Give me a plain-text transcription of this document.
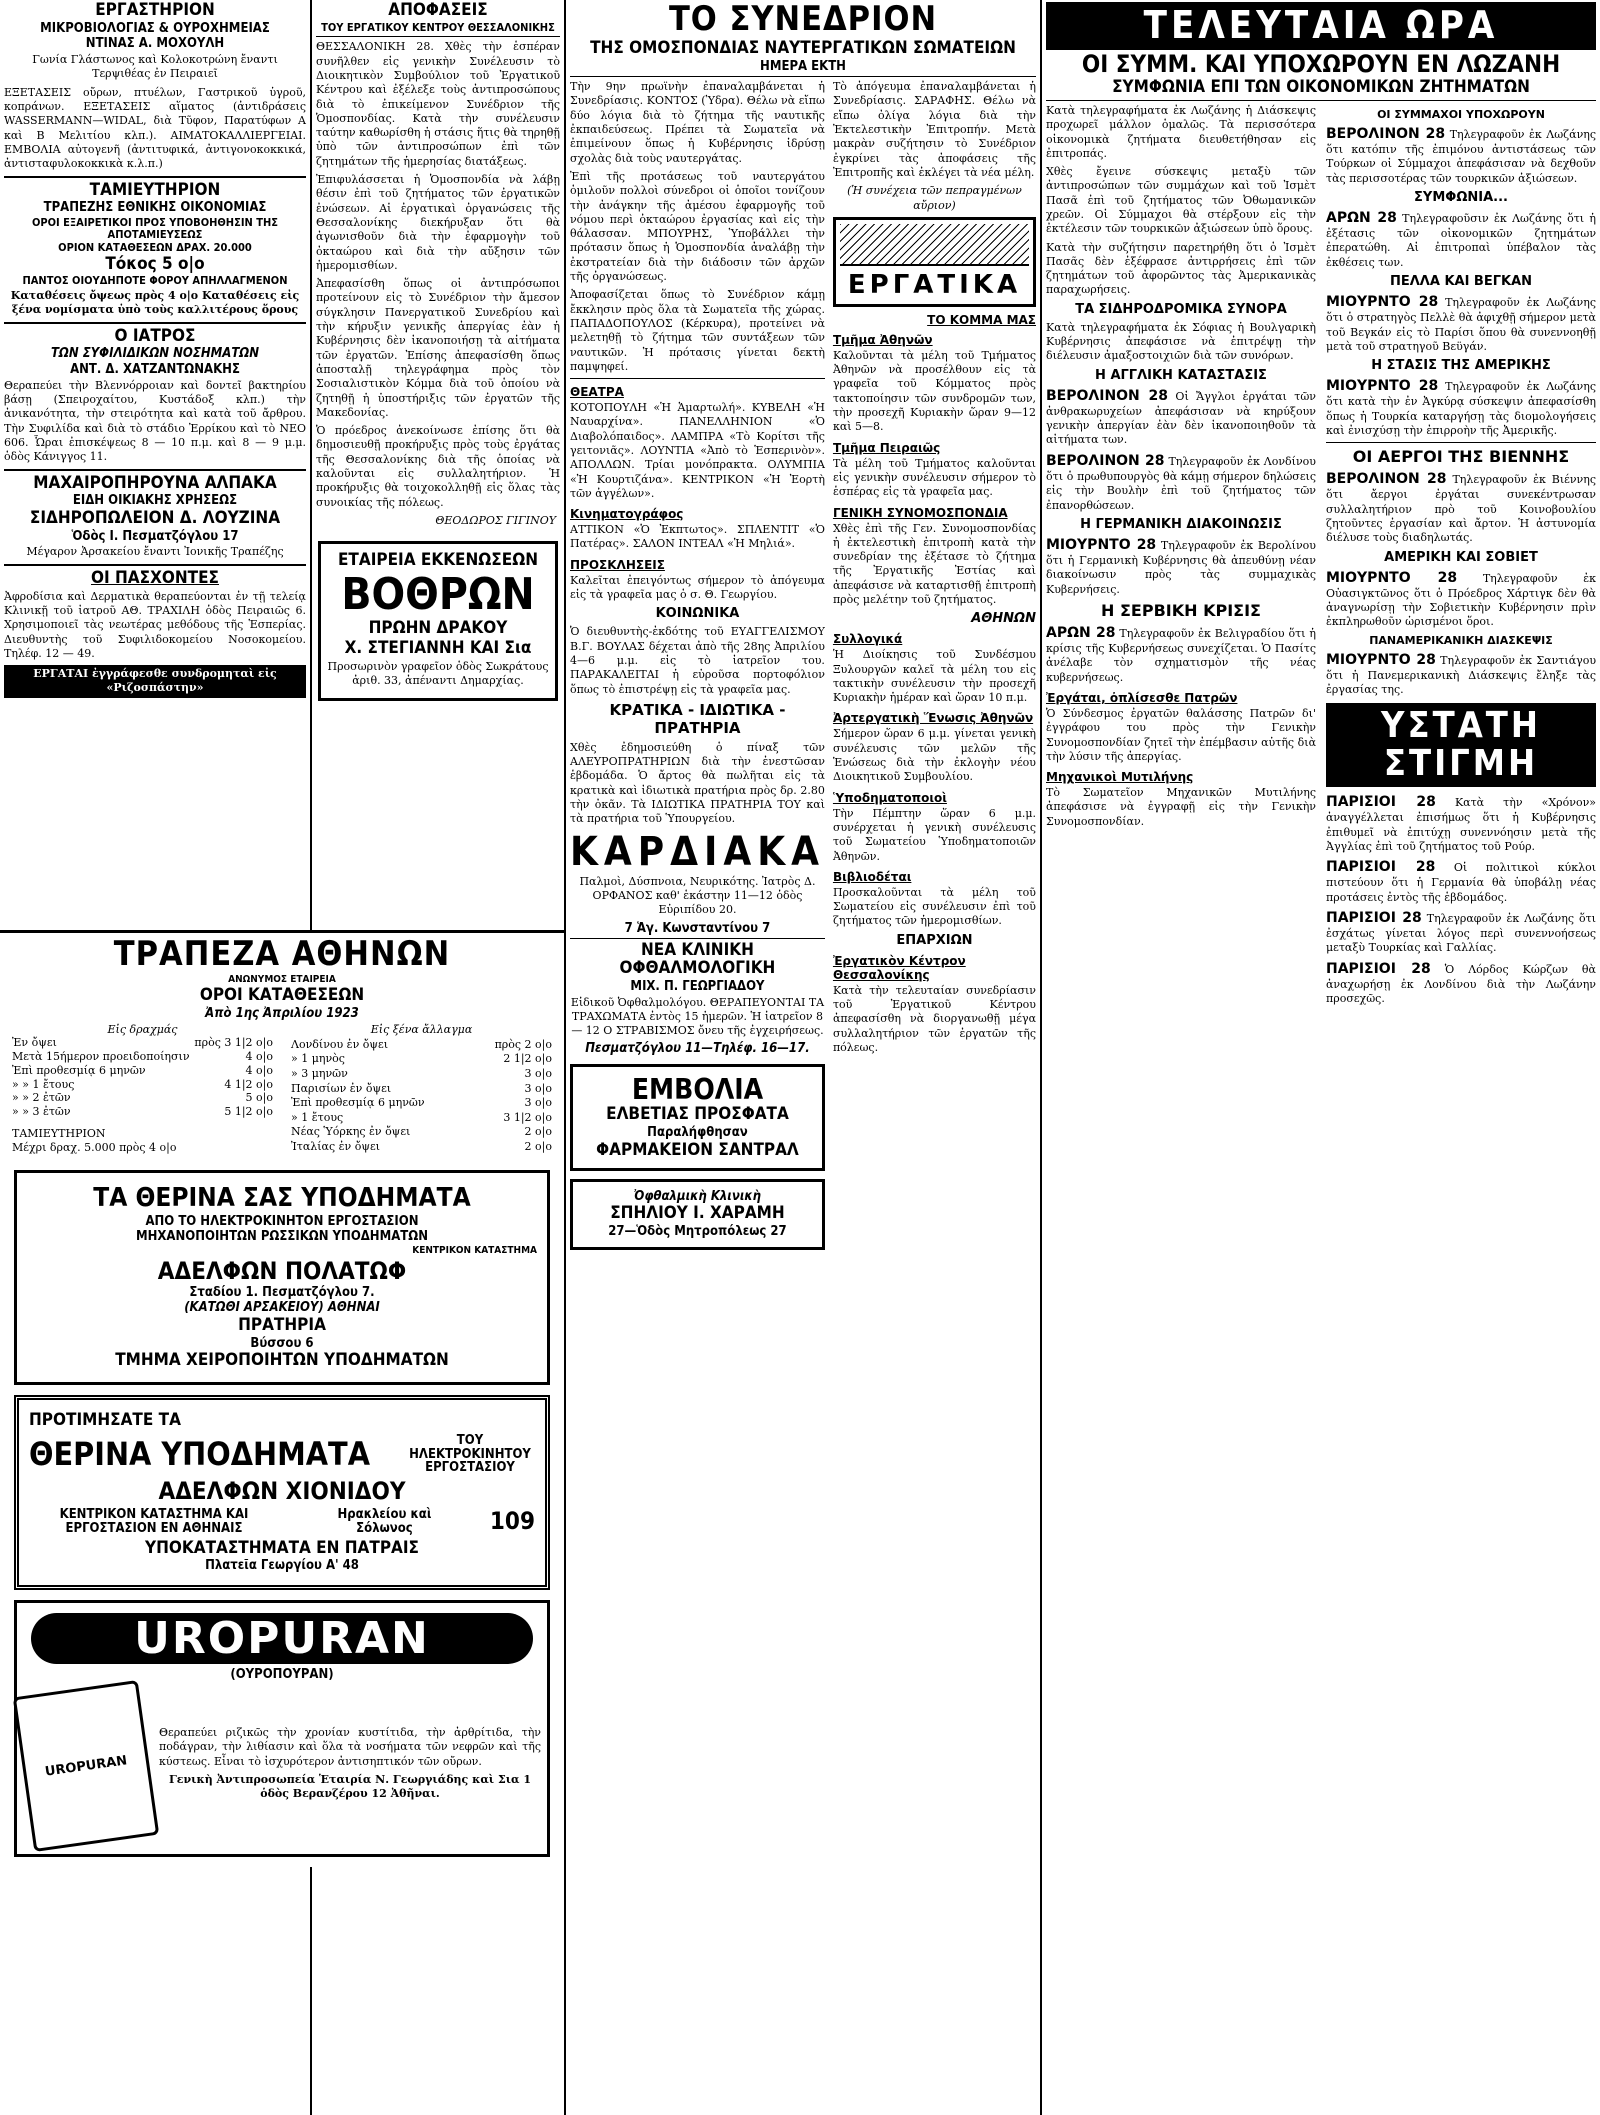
ΕΡΓΑΣΤΗΡΙΟΝ
ΜΙΚΡΟΒΙΟΛΟΓΙΑΣ & ΟΥΡΟΧΗΜΕΙΑΣ
ΝΤΙΝΑΣ Α. ΜΟΧΟΥΛΗ
Γωνία Γλάστωνος καὶ Κολοκοτρώνη ἔναντι Τερψιθέας ἐν Πειραιεῖ
ΕΞΕΤΑΣΕΙΣ οὔρων, πτυέλων, Γαστρικοῦ ὑγροῦ, κοπράνων. ΕΞΕΤΑΣΕΙΣ αἵματος (ἀντιδράσεις WASSERMANN—WIDAL, διὰ Τῦφον, Παρατύφων Α καὶ Β Μελιτίου κλπ.). ΑΙΜΑΤΟΚΑΛΛΙΕΡΓΕΙΑΙ. ΕΜΒΟΛΙΑ αὐτογενῆ (ἀντιτυφικά, ἀντιγονοκοκκικά, ἀντισταφυλοκοκκικὰ κ.λ.π.)
ΤΑΜΙΕΥΤΗΡΙΟΝ
ΤΡΑΠΕΖΗΣ ΕΘΝΙΚΗΣ ΟΙΚΟΝΟΜΙΑΣ
ΟΡΟΙ ΕΞΑΙΡΕΤΙΚΟΙ ΠΡΟΣ ΥΠΟΒΟΗΘΗΣΙΝ ΤΗΣ ΑΠΟΤΑΜΙΕΥΣΕΩΣ
ΟΡΙΟΝ ΚΑΤΑΘΕΣΕΩΝ ΔΡΑΧ. 20.000
Τόκος 5 ο|ο
ΠΑΝΤΟΣ ΟΙΟΥΔΗΠΟΤΕ ΦΟΡΟΥ ΑΠΗΛΛΑΓΜΕΝΟΝ
Καταθέσεις ὄψεως πρὸς 4 ο|ο Καταθέσεις εἰς ξένα νομίσματα ὑπὸ τοὺς καλλιτέρους ὅρους
Ο ΙΑΤΡΟΣ
ΤΩΝ ΣΥΦΙΛΙΔΙΚΩΝ ΝΟΣΗΜΑΤΩΝ
ΑΝΤ. Δ. ΧΑΤΖΑΝΤΩΝΑΚΗΣ
Θεραπεύει τὴν Βλεννόρροιαν καὶ δοντεῖ βακτηρίου βάσῃ (Σπειροχαίτου, Κυστάδοξ κλπ.) τὴν ἀνικανότητα, τὴν στειρότητα καὶ κατὰ τοῦ ἄρθρου. Τὴν Συφιλίδα καὶ διὰ τὸ στάδιο Ἐρρίκου καὶ τὸ ΝΕΟ 606. Ὧραι ἐπισκέψεως 8 — 10 π.μ. καὶ 8 — 9 μ.μ. ὁδὸς Κάνιγγος 11.
ΜΑΧΑΙΡΟΠΗΡΟΥΝΑ ΑΛΠΑΚΑ
ΕΙΔΗ ΟΙΚΙΑΚΗΣ ΧΡΗΣΕΩΣ
ΣΙΔΗΡΟΠΩΛΕΙΟΝ Δ. ΛΟΥΖΙΝΑ
Ὁδὸς Ι. Πεσματζόγλου 17
Μέγαρον Ἀρσακείου ἔναντι Ἰονικῆς Τραπέζης
ΟΙ ΠΑΣΧΟΝΤΕΣ
Ἀφροδίσια καὶ Δερματικὰ θεραπεύονται ἐν τῇ τελείᾳ Κλινικῇ τοῦ ἰατροῦ ΑΘ. ΤΡΑΧΙΛΗ ὁδὸς Πειραιῶς 6. Χρησιμοποιεῖ τὰς νεωτέρας μεθόδους τῆς Ἑσπερίας. Διευθυντὴς τοῦ Συφιλιδοκομείου Νοσοκομείου. Τηλέφ. 12 — 49.
ΕΡΓΑΤΑΙ ἐγγράφεσθε συνδρομηταὶ εἰς «Ριζοσπάστην»
ΑΠΟΦΑΣΕΙΣ
ΤΟΥ ΕΡΓΑΤΙΚΟΥ ΚΕΝΤΡΟΥ ΘΕΣΣΑΛΟΝΙΚΗΣ

ΘΕΣΣΑΛΟΝΙΚΗ 28. Χθὲς τὴν ἑσπέραν συνῆλθεν εἰς γενικὴν Συνέλευσιν τὸ Διοικητικὸν Συμβούλιον τοῦ Ἐργατικοῦ Κέντρου καὶ ἐξέλεξε τοὺς ἀντιπροσώπους διὰ τὸ ἐπικείμενον Συνέδριον τῆς Ὁμοσπονδίας. Κατὰ τὴν συνέλευσιν ταύτην καθωρίσθη ἡ στάσις ἥτις θὰ τηρηθῇ ὑπὸ τῶν ἀντιπροσώπων ἐπὶ τῶν ζητημάτων τῆς ἡμερησίας διατάξεως.

Ἐπιφυλάσσεται ἡ Ὁμοσπονδία νὰ λάβῃ θέσιν ἐπὶ τοῦ ζητήματος τῶν ἐργατικῶν ἐνώσεων. Αἱ ἐργατικαὶ ὀργανώσεις τῆς Θεσσαλονίκης διεκήρυξαν ὅτι θὰ ἀγωνισθοῦν διὰ τὴν ἐφαρμογὴν τοῦ ὀκταώρου καὶ διὰ τὴν αὔξησιν τῶν ἡμερομισθίων.

Ἀπεφασίσθη ὅπως οἱ ἀντιπρόσωποι προτείνουν εἰς τὸ Συνέδριον τὴν ἄμεσον σύγκλησιν Πανεργατικοῦ Συνεδρίου καὶ τὴν κήρυξιν γενικῆς ἀπεργίας ἐὰν ἡ Κυβέρνησις δὲν ἱκανοποιήσῃ τὰ αἰτήματα τῶν ἐργατῶν. Ἐπίσης ἀπεφασίσθη ὅπως ἀποσταλῇ τηλεγράφημα πρὸς τὸν Σοσιαλιστικὸν Κόμμα διὰ τοῦ ὁποίου νὰ ζητηθῇ ἡ ὑποστήριξις τῶν ἐργατῶν τῆς Μακεδονίας.

Ὁ πρόεδρος ἀνεκοίνωσε ἐπίσης ὅτι θὰ δημοσιευθῇ προκήρυξις πρὸς τοὺς ἐργάτας τῆς Θεσσαλονίκης διὰ τῆς ὁποίας νὰ καλοῦνται εἰς συλλαλητήριον. Ἡ προκήρυξις θὰ τοιχοκολληθῇ εἰς ὅλας τὰς συνοικίας τῆς πόλεως.

ΘΕΟΔΩΡΟΣ ΓΙΓΙΝΟΥ
ΕΤΑΙΡΕΙΑ ΕΚΚΕΝΩΣΕΩΝ
ΒΟΘΡΩΝ
ΠΡΩΗΝ ΔΡΑΚΟΥ
Χ. ΣΤΕΓΙΑΝΝΗ ΚΑΙ Σια
Προσωρινὸν γραφεῖον ὁδὸς Σωκράτους ἀριθ. 33, ἀπέναντι Δημαρχίας.
ΤΡΑΠΕΖΑ ΑΘΗΝΩΝ
ΑΝΩΝΥΜΟΣ ΕΤΑΙΡΕΙΑ
ΟΡΟΙ ΚΑΤΑΘΕΣΕΩΝ
Ἀπὸ 1ης Ἀπριλίου 1923
Εἰς δραχμάς	
Ἐν ὄψει	πρὸς 3 1|2 ο|ο
Μετὰ 15ήμερον προειδοποίησιν	4 ο|ο
Ἐπὶ προθεσμίᾳ 6 μηνῶν	4 ο|ο
» » 1 ἔτους	4 1|2 ο|ο
» » 2 ἐτῶν	5 ο|ο
» » 3 ἐτῶν	5 1|2 ο|ο
ΤΑΜΙΕΥΤΗΡΙΟΝ	
Μέχρι δραχ. 5.000 πρὸς 4 ο|ο	
Εἰς ξένα ἄλλαγμα	
Λονδίνου ἐν ὄψει	πρὸς 2 ο|ο
» 1 μηνὸς	2 1|2 ο|ο
» 3 μηνῶν	3 ο|ο
Παρισίων ἐν ὄψει	3 ο|ο
Ἐπὶ προθεσμίᾳ 6 μηνῶν	3 ο|ο
» 1 ἔτους	3 1|2 ο|ο
Νέας Ὑόρκης ἐν ὄψει	2 ο|ο
Ἰταλίας ἐν ὄψει	2 ο|ο
ΤΑ ΘΕΡΙΝΑ ΣΑΣ ΥΠΟΔΗΜΑΤΑ
ΑΠΟ ΤΟ ΗΛΕΚΤΡΟΚΙΝΗΤΟΝ ΕΡΓΟΣΤΑΣΙΟΝ
ΜΗΧΑΝΟΠΟΙΗΤΩΝ ΡΩΣΣΙΚΩΝ ΥΠΟΔΗΜΑΤΩΝ
ΚΕΝΤΡΙΚΟΝ ΚΑΤΑΣΤΗΜΑ
ΑΔΕΛΦΩΝ ΠΟΛΑΤΩΦ
Σταδίου 1. Πεσματζόγλου 7.
(ΚΑΤΩΘΙ ΑΡΣΑΚΕΙΟΥ) ΑΘΗΝΑΙ
ΠΡΑΤΗΡΙΑ
Βύσσου 6
ΤΜΗΜΑ ΧΕΙΡΟΠΟΙΗΤΩΝ ΥΠΟΔΗΜΑΤΩΝ
ΠΡΟΤΙΜΗΣΑΤΕ ΤΑ
ΘΕΡΙΝΑ ΥΠΟΔΗΜΑΤΑ	ΤΟΥ ΗΛΕΚΤΡΟΚΙΝΗΤΟΥ ΕΡΓΟΣΤΑΣΙΟΥ
ΑΔΕΛΦΩΝ ΧΙΟΝΙΔΟΥ
ΚΕΝΤΡΙΚΟΝ ΚΑΤΑΣΤΗΜΑ ΚΑΙ ΕΡΓΟΣΤΑΣΙΟΝ ΕΝ ΑΘΗΝΑΙΣ
Ηρακλείου καὶ Σόλωνος	109
ΥΠΟΚΑΤΑΣΤΗΜΑΤΑ ΕΝ ΠΑΤΡΑΙΣ
Πλατεῖα Γεωργίου Α' 48
UROPURAN
(ΟΥΡΟΠΟΥΡΑΝ)
UROPURAN
Θεραπεύει ριζικῶς τὴν χρονίαν κυστίτιδα, τὴν ἀρθρίτιδα, τὴν ποδάγραν, τὴν λιθίασιν καὶ ὅλα τὰ νοσήματα τῶν νεφρῶν καὶ τῆς κύστεως. Εἶναι τὸ ἰσχυρότερον ἀντισηπτικόν τῶν οὔρων.
Γενικὴ Ἀντιπροσωπεία Ἑταιρία Ν. Γεωργιάδης καὶ Σια 1 ὁδὸς Βερανζέρου 12 Ἀθῆναι.
ΤΟ ΣΥΝΕΔΡΙΟΝ
ΤΗΣ ΟΜΟΣΠΟΝΔΙΑΣ ΝΑΥΤΕΡΓΑΤΙΚΩΝ ΣΩΜΑΤΕΙΩΝ
ΗΜΕΡΑ ΕΚΤΗ

Τὴν 9ην πρωϊνὴν ἐπαναλαμβάνεται ἡ Συνεδρίασις. ΚΟΝΤΟΣ (Ὑδρα). Θέλω νὰ εἴπω δύο λόγια διὰ τὸ ζήτημα τῆς ναυτικῆς ἐκπαιδεύσεως. Πρέπει τὰ Σωματεῖα νὰ ἐπιμείνουν ὅπως ἡ Κυβέρνησις ἱδρύσῃ σχολὰς διὰ τοὺς ναυτεργάτας.

Ἐπὶ τῆς προτάσεως τοῦ ναυτεργάτου ὁμιλοῦν πολλοὶ σύνεδροι οἱ ὁποῖοι τονίζουν τὴν ἀνάγκην τῆς ἀμέσου ἐφαρμογῆς τοῦ νόμου περὶ ὀκταώρου ἐργασίας καὶ εἰς τὴν θάλασσαν. ΜΠΟΥΡΗΣ, Ὑποβάλλει τὴν πρότασιν ὅπως ἡ Ὁμοσπονδία ἀναλάβῃ τὴν ἐκστρατείαν διὰ τὴν διάδοσιν τῶν ἀρχῶν τῆς ὀργανώσεως.

Ἀποφασίζεται ὅπως τὸ Συνέδριον κάμῃ ἔκκλησιν πρὸς ὅλα τὰ Σωματεῖα τῆς χώρας. ΠΑΠΑΔΟΠΟΥΛΟΣ (Κέρκυρα), προτείνει νὰ μελετηθῇ τὸ ζήτημα τῶν συντάξεων τῶν ναυτικῶν. Ἡ πρότασις γίνεται δεκτὴ παμψηφεί.

ΘΕΑΤΡΑ

ΚΟΤΟΠΟΥΛΗ «Ἡ Ἁμαρτωλή». ΚΥΒΕΛΗ «Ἡ Ναυαρχίνα». ΠΑΝΕΛΛΗΝΙΟΝ «Ὁ Διαβολόπαιδος». ΛΑΜΠΡΑ «Τὸ Κορίτσι τῆς γειτονιᾶς». ΛΟΥΝΤΙΑ «Ἀπὸ τὸ Ἑσπερινὸν». ΑΠΟΛΛΩΝ. Τρίαι μονόπρακτα. ΟΛΥΜΠΙΑ «Ἡ Κουρτιζάνα». ΚΕΝΤΡΙΚΟΝ «Ἡ Ἐορτὴ τῶν ἀγγέλων».

Κινηματογράφος

ΑΤΤΙΚΟΝ «Ὁ Ἐκπτωτος». ΣΠΛΕΝΤΙΤ «Ὁ Πατέρας». ΣΑΛΟΝ ΙΝΤΕΑΛ «Ἡ Μηλιά».

ΠΡΟΣΚΛΗΣΕΙΣ

Καλεῖται ἐπειγόντως σήμερον τὸ ἀπόγευμα εἰς τὰ γραφεῖα μας ὁ σ. Θ. Γεωργίου.

ΚΟΙΝΩΝΙΚΑ

Ὁ διευθυντὴς-ἐκδότης τοῦ ΕΥΑΓΓΕΛΙΣΜΟΥ Β.Γ. ΒΟΥΛΑΣ δέχεται ἀπὸ τῆς 28ης Ἀπριλίου 4—6 μ.μ. εἰς τὸ ἰατρεῖον του. ΠΑΡΑΚΑΛΕΙΤΑΙ ἡ εὑροῦσα πορτοφόλιον ὅπως τὸ ἐπιστρέψῃ εἰς τὰ γραφεῖα μας.

ΚΡΑΤΙΚΑ - ΙΔΙΩΤΙΚΑ - ΠΡΑΤΗΡΙΑ

Χθὲς ἐδημοσιεύθη ὁ πίναξ τῶν ΑΛΕΥΡΟΠΡΑΤΗΡΙΩΝ διὰ τὴν ἐνεστῶσαν ἑβδομάδα. Ὁ ἄρτος θὰ πωλῆται εἰς τὰ κρατικὰ καὶ ἰδιωτικὰ πρατήρια πρὸς δρ. 2.80 τὴν ὀκᾶν. Τὰ ΙΔΙΩΤΙΚΑ ΠΡΑΤΗΡΙΑ ΤΟΥ καὶ τὰ πρατήρια τοῦ Ὑπουργείου.

ΚΑΡΔΙΑΚΑ

Παλμοὶ, Δύσπνοια, Νευρικότης. Ἰατρὸς Δ. ΟΡΦΑΝΟΣ καθ' ἑκάστην 11—12 ὁδὸς Εὐριπίδου 20.

7 Ἁγ. Κωνσταντίνου 7
ΝΕΑ ΚΛΙΝΙΚΗ ΟΦΘΑΛΜΟΛΟΓΙΚΗ
ΜΙΧ. Π. ΓΕΩΡΓΙΑΔΟΥ

Εἰδικοῦ Ὀφθαλμολόγου. ΘΕΡΑΠΕΥΟΝΤΑΙ ΤΑ ΤΡΑΧΩΜΑΤΑ ἐντὸς 15 ἡμερῶν. Ἡ ἰατρεῖον 8 — 12 Ο ΣΤΡΑΒΙΣΜΟΣ ὄνευ τῆς ἐγχειρήσεως.

Πεσματζόγλου 11—Τηλέφ. 16—17.
ΕΜΒΟΛΙΑ
ΕΛΒΕΤΙΑΣ ΠΡΟΣΦΑΤΑ
Παραλήφθησαν
ΦΑΡΜΑΚΕΙΟΝ ΣΑΝΤΡΑΛ
Ὀφθαλμικὴ Κλινικὴ
ΣΠΗΛΙΟΥ Ι. ΧΑΡΑΜΗ
27—Ὁδὸς Μητροπόλεως 27

Τὸ ἀπόγευμα ἐπαναλαμβάνεται ἡ Συνεδρίασις. ΣΑΡΑΦΗΣ. Θέλω νὰ εἴπω ὀλίγα λόγια διὰ τὴν Ἐκτελεστικὴν Ἐπιτροπήν. Μετὰ μακρὰν συζήτησιν τὸ Συνέδριον ἐγκρίνει τὰς ἀποφάσεις τῆς Ἐπιτροπῆς καὶ ἐκλέγει τὰ νέα μέλη.

(Ἡ συνέχεια τῶν πεπραγμένων αὔριον)

ΕΡΓΑΤΙΚΑ
ΤΟ ΚΟΜΜΑ ΜΑΣ
Τμῆμα Ἀθηνῶν

Καλοῦνται τὰ μέλη τοῦ Τμήματος Ἀθηνῶν νὰ προσέλθουν εἰς τὰ γραφεῖα τοῦ Κόμματος πρὸς τακτοποίησιν τῶν συνδρομῶν των, τὴν προσεχῆ Κυριακὴν ὥραν 9—12 καὶ 5—8.

Τμῆμα Πειραιῶς

Τὰ μέλη τοῦ Τμήματος καλοῦνται εἰς γενικὴν συνέλευσιν σήμερον τὸ ἑσπέρας εἰς τὰ γραφεῖα μας.

ΓΕΝΙΚΗ ΣΥΝΟΜΟΣΠΟΝΔΙΑ

Χθὲς ἐπὶ τῆς Γεν. Συνομοσπονδίας ἡ ἐκτελεστικὴ ἐπιτροπὴ κατὰ τὴν συνεδρίαν της ἐξέτασε τὸ ζήτημα τῆς Ἐργατικῆς Ἐστίας καὶ ἀπεφάσισε νὰ καταρτισθῇ ἐπιτροπὴ πρὸς μελέτην τοῦ ζητήματος.

ΑΘΗΝΩΝ
Συλλογικά

Ἡ Διοίκησις τοῦ Συνδέσμου Ξυλουργῶν καλεῖ τὰ μέλη του εἰς τακτικὴν συνέλευσιν τὴν προσεχῆ Κυριακὴν ἡμέραν καὶ ὥραν 10 π.μ.

Ἀρτεργατικὴ Ἕνωσις Ἀθηνῶν

Σήμερον ὥραν 6 μ.μ. γίνεται γενικὴ συνέλευσις τῶν μελῶν τῆς Ἑνώσεως διὰ τὴν ἐκλογὴν νέου Διοικητικοῦ Συμβουλίου.

Ὑποδηματοποιοὶ

Τὴν Πέμπτην ὥραν 6 μ.μ. συνέρχεται ἡ γενικὴ συνέλευσις τοῦ Σωματείου Ὑποδηματοποιῶν Ἀθηνῶν.

Βιβλιοδέται

Προσκαλοῦνται τὰ μέλη τοῦ Σωματείου εἰς συνέλευσιν ἐπὶ τοῦ ζητήματος τῶν ἡμερομισθίων.

ΕΠΑΡΧΙΩΝ
Ἐργατικὸν Κέντρον Θεσσαλονίκης

Κατὰ τὴν τελευταίαν συνεδρίασιν τοῦ Ἐργατικοῦ Κέντρου ἀπεφασίσθη νὰ διοργανωθῇ μέγα συλλαλητήριον τῶν ἐργατῶν τῆς πόλεως.

ΤΕΛΕΥΤΑΙΑ ΩΡΑ
ΟΙ ΣΥΜΜ. ΚΑΙ ΥΠΟΧΩΡΟΥΝ ΕΝ ΛΩΖΑΝΗ
ΣΥΜΦΩΝΙΑ ΕΠΙ ΤΩΝ ΟΙΚΟΝΟΜΙΚΩΝ ΖΗΤΗΜΑΤΩΝ

Κατὰ τηλεγραφήματα ἐκ Λωζάνης ἡ Διάσκεψις προχωρεῖ μάλλον ὁμαλῶς. Τὰ περισσότερα οἰκονομικὰ ζητήματα διευθετήθησαν εἰς ἐπιτροπάς.

Χθὲς ἔγεινε σύσκεψις μεταξὺ τῶν ἀντιπροσώπων τῶν συμμάχων καὶ τοῦ Ἰσμὲτ Πασᾶ ἐπὶ τοῦ ζητήματος τῶν Ὀθωμανικῶν χρεῶν. Οἱ Σύμμαχοι θὰ στέρξουν εἰς τὴν ἐκτέλεσιν τῶν τουρκικῶν ἀξιώσεων ὑπὸ ὅρους.

Κατὰ τὴν συζήτησιν παρετηρήθη ὅτι ὁ Ἰσμὲτ Πασᾶς δὲν ἐξέφρασε ἀντιρρήσεις ἐπὶ τῶν ζητημάτων τοῦ ἀφορῶντος τὰς Ἀμερικανικὰς παραχωρήσεις.

ΤΑ ΣΙΔΗΡΟΔΡΟΜΙΚΑ ΣΥΝΟΡΑ

Κατὰ τηλεγραφήματα ἐκ Σόφιας ἡ Βουλγαρικὴ Κυβέρνησις ἀπεφάσισε νὰ ἐπιτρέψῃ τὴν διέλευσιν ἀμαξοστοιχιῶν διὰ τῶν συνόρων.

Η ΑΓΓΛΙΚΗ ΚΑΤΑΣΤΑΣΙΣ

ΒΕΡΟΛΙΝΟΝ 28 Οἱ Ἄγγλοι ἐργάται τῶν ἀνθρακωρυχείων ἀπεφάσισαν νὰ κηρύξουν γενικὴν ἀπεργίαν ἐὰν δὲν ἱκανοποιηθοῦν τὰ αἰτήματα των.

ΒΕΡΟΛΙΝΟΝ 28 Τηλεγραφοῦν ἐκ Λονδίνου ὅτι ὁ πρωθυπουργὸς θὰ κάμῃ σήμερον δηλώσεις εἰς τὴν Βουλὴν ἐπὶ τοῦ ζητήματος τῶν ἐπανορθώσεων.

Η ΓΕΡΜΑΝΙΚΗ ΔΙΑΚΟΙΝΩΣΙΣ

ΜΙΟΥΡΝΤΟ 28 Τηλεγραφοῦν ἐκ Βερολίνου ὅτι ἡ Γερμανικὴ Κυβέρνησις θὰ ἀπευθύνῃ νέαν διακοίνωσιν πρὸς τὰς συμμαχικὰς Κυβερνήσεις.

Η ΣΕΡΒΙΚΗ ΚΡΙΣΙΣ

ΑΡΩΝ 28 Τηλεγραφοῦν ἐκ Βελιγραδίου ὅτι ἡ κρίσις τῆς Κυβερνήσεως συνεχίζεται. Ὁ Πασίτς ἀνέλαβε τὸν σχηματισμὸν τῆς νέας κυβερνήσεως.

Ἐργάται, ὀπλίσεσθε Πατρῶν

Ὁ Σύνδεσμος ἐργατῶν θαλάσσης Πατρῶν δι' ἐγγράφου του πρὸς τὴν Γενικὴν Συνομοσπονδίαν ζητεῖ τὴν ἐπέμβασιν αὐτῆς διὰ τὴν λύσιν τῆς ἀπεργίας.

Μηχανικοὶ Μυτιλήνης

Τὸ Σωματεῖον Μηχανικῶν Μυτιλήνης ἀπεφάσισε νὰ ἐγγραφῇ εἰς τὴν Γενικὴν Συνομοσπονδίαν.

ΟΙ ΣΥΜΜΑΧΟΙ ΥΠΟΧΩΡΟΥΝ

ΒΕΡΟΛΙΝΟΝ 28 Τηλεγραφοῦν ἐκ Λωζάνης ὅτι κατόπιν τῆς ἐπιμόνου ἀντιστάσεως τῶν Τούρκων οἱ Σύμμαχοι ἀπεφάσισαν νὰ δεχθοῦν τὰς περισσοτέρας τῶν τουρκικῶν ἀξιώσεων.

ΣΥΜΦΩΝΙΑ...

ΑΡΩΝ 28 Τηλεγραφοῦσιν ἐκ Λωζάνης ὅτι ἡ ἐξέτασις τῶν οἰκονομικῶν ζητημάτων ἐπερατώθη. Αἱ ἐπιτροπαὶ ὑπέβαλον τὰς ἐκθέσεις των.

ΠΕΛΛΑ ΚΑΙ ΒΕΓΚΑΝ

ΜΙΟΥΡΝΤΟ 28 Τηλεγραφοῦν ἐκ Λωζάνης ὅτι ὁ στρατηγὸς Πελλὲ θὰ ἀφιχθῇ σήμερον μετὰ τοῦ Βεγκάν εἰς τὸ Παρίσι ὅπου θὰ συνεννοηθῇ μετὰ τοῦ στρατηγοῦ Βεϋγάν.

Η ΣΤΑΣΙΣ ΤΗΣ ΑΜΕΡΙΚΗΣ

ΜΙΟΥΡΝΤΟ 28 Τηλεγραφοῦν ἐκ Λωζάνης ὅτι κατὰ τὴν ἐν Ἀγκύρᾳ σύσκεψιν ἀπεφασίσθη ὅπως ἡ Τουρκία καταργήσῃ τὰς διομολογήσεις καὶ ἐνισχύσῃ τὴν ἐπιρροὴν τῆς Ἀμερικῆς.

ΟΙ ΑΕΡΓΟΙ ΤΗΣ ΒΙΕΝΝΗΣ

ΒΕΡΟΛΙΝΟΝ 28 Τηλεγραφοῦν ἐκ Βιέννης ὅτι ἄεργοι ἐργάται συνεκέντρωσαν συλλαλητήριον πρὸ τοῦ Κοινοβουλίου ζητοῦντες ἐργασίαν καὶ ἄρτον. Ἡ ἀστυνομία διέλυσε τοὺς διαδηλωτάς.

ΑΜΕΡΙΚΗ ΚΑΙ ΣΟΒΙΕΤ

ΜΙΟΥΡΝΤΟ 28 Τηλεγραφοῦν ἐκ Οὐασιγκτῶνος ὅτι ὁ Πρόεδρος Χάρτιγκ δὲν θὰ ἀναγνωρίσῃ τὴν Σοβιετικὴν Κυβέρνησιν πρὶν ἐκπληρωθοῦν ὡρισμένοι ὅροι.

ΠΑΝΑΜΕΡΙΚΑΝΙΚΗ ΔΙΑΣΚΕΨΙΣ

ΜΙΟΥΡΝΤΟ 28 Τηλεγραφοῦν ἐκ Σαντιάγου ὅτι ἡ Πανεμερικανικὴ Διάσκεψις ἔληξε τὰς ἐργασίας της.

ΥΣΤΑΤΗ ΣΤΙΓΜΗ

ΠΑΡΙΣΙΟΙ 28 Κατὰ τὴν «Χρόνον» ἀναγγέλλεται ἐπισήμως ὅτι ἡ Κυβέρνησις ἐπιθυμεῖ νὰ ἐπιτύχῃ συνεννόησιν μετὰ τῆς Ἀγγλίας ἐπὶ τοῦ ζητήματος τοῦ Ρούρ.

ΠΑΡΙΣΙΟΙ 28 Οἱ πολιτικοὶ κύκλοι πιστεύουν ὅτι ἡ Γερμανία θὰ ὑποβάλῃ νέας προτάσεις ἐντὸς τῆς ἑβδομάδος.

ΠΑΡΙΣΙΟΙ 28 Τηλεγραφοῦν ἐκ Λωζάνης ὅτι ἐσχάτως γίνεται λόγος περὶ συνεννοήσεως μεταξὺ Τουρκίας καὶ Γαλλίας.

ΠΑΡΙΣΙΟΙ 28 Ὁ Λόρδος Κώρζων θὰ ἀναχωρήσῃ ἐκ Λονδίνου διὰ τὴν Λωζάνην προσεχῶς.
